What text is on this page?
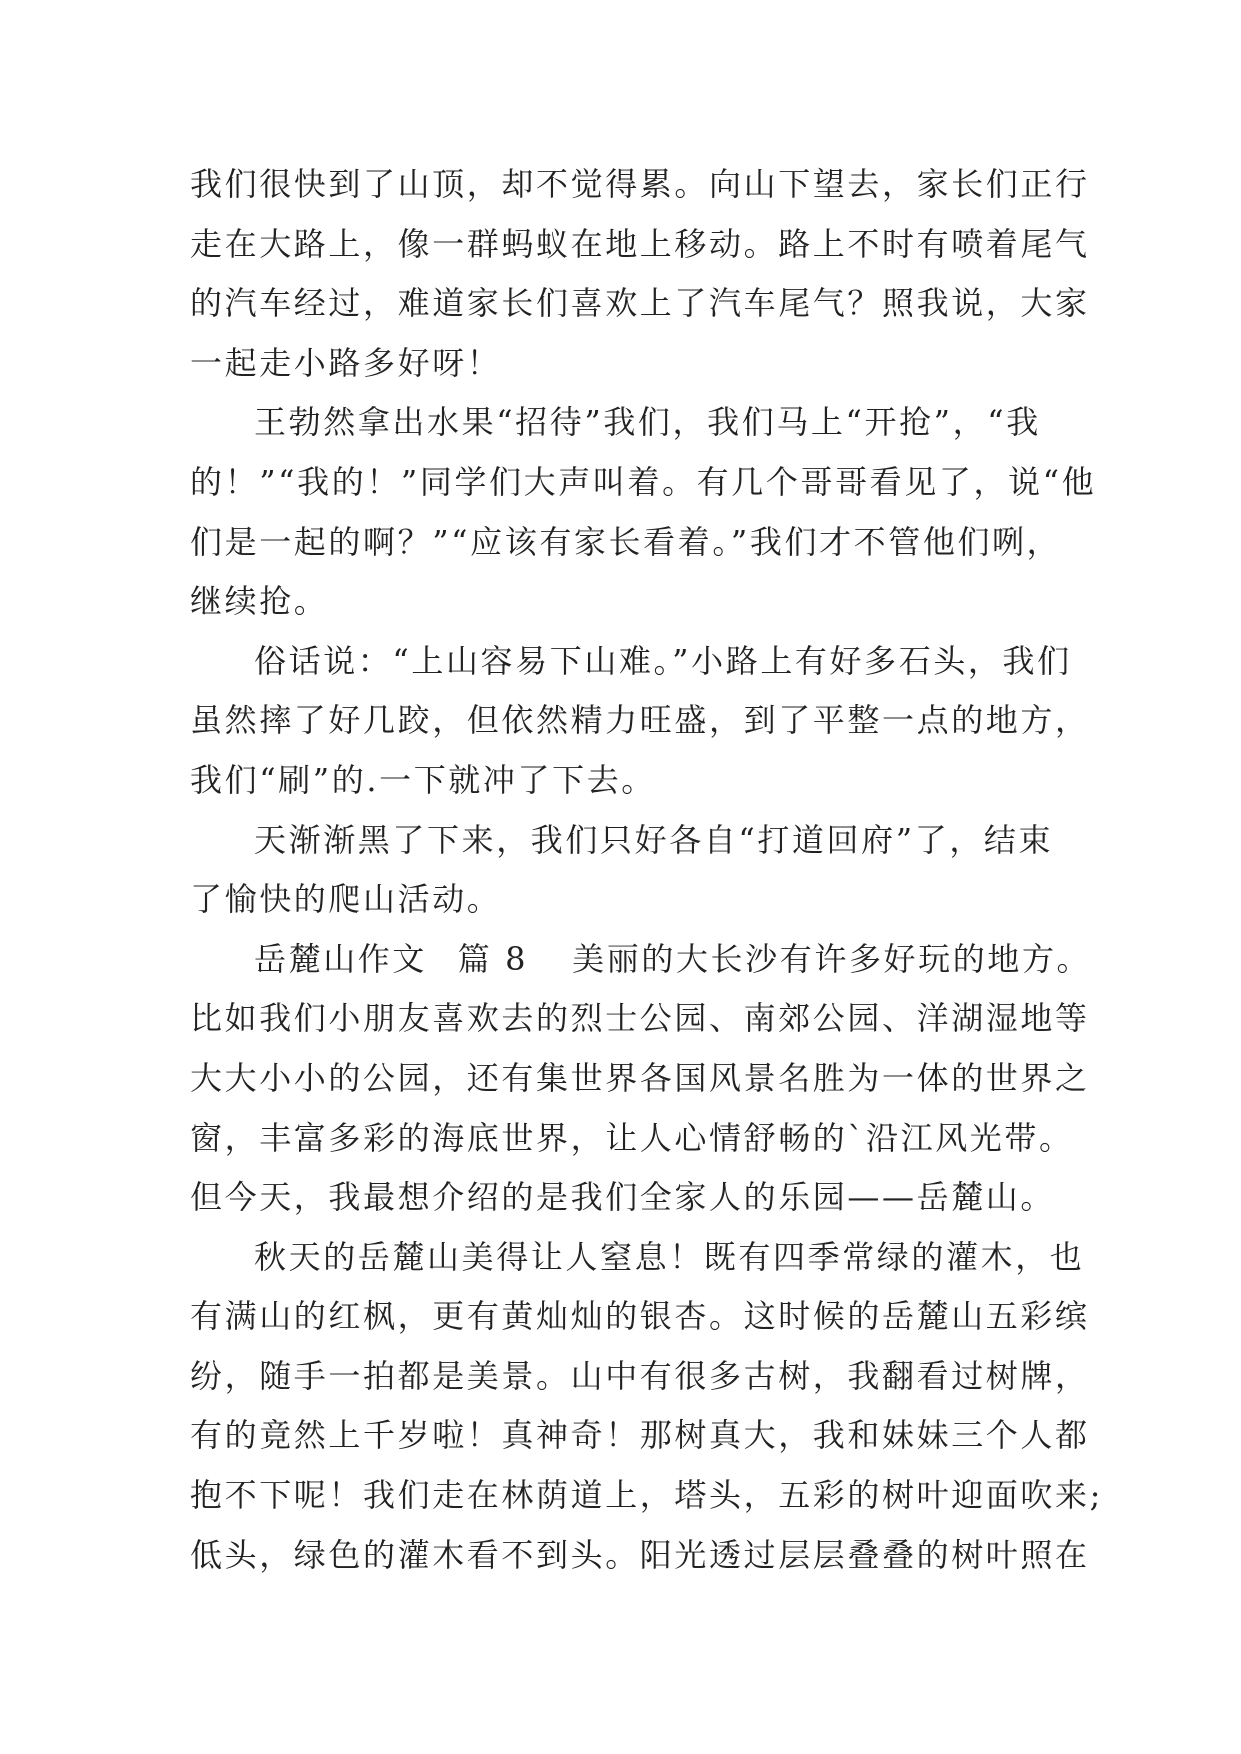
我们很快到了山顶，却不觉得累。向山下望去，家长们正行
走在大路上，像一群蚂蚁在地上移动。路上不时有喷着尾气
的汽车经过，难道家长们喜欢上了汽车尾气？照我说，大家
一起走小路多好呀！
王勃然拿出水果“招待”我们，我们马上“开抢”，“我
的！”“我的！”同学们大声叫着。有几个哥哥看见了，说“他
们是一起的啊？”“应该有家长看着。”我们才不管他们咧，
继续抢。
俗话说：“上山容易下山难。”小路上有好多石头，我们
虽然摔了好几跤，但依然精力旺盛，到了平整一点的地方，
我们“刷”的.一下就冲了下去。
天渐渐黑了下来，我们只好各自“打道回府”了，结束
了愉快的爬山活动。
岳麓山作文 篇 8 美丽的大长沙有许多好玩的地方。
比如我们小朋友喜欢去的烈士公园、南郊公园、洋湖湿地等
大大小小的公园，还有集世界各国风景名胜为一体的世界之
窗，丰富多彩的海底世界，让人心情舒畅的`沿江风光带。
但今天，我最想介绍的是我们全家人的乐园——岳麓山。
秋天的岳麓山美得让人窒息！既有四季常绿的灌木，也
有满山的红枫，更有黄灿灿的银杏。这时候的岳麓山五彩缤
纷，随手一拍都是美景。山中有很多古树，我翻看过树牌，
有的竟然上千岁啦！真神奇！那树真大，我和妹妹三个人都
抱不下呢！我们走在林荫道上，塔头，五彩的树叶迎面吹来;
低头，绿色的灌木看不到头。阳光透过层层叠叠的树叶照在
